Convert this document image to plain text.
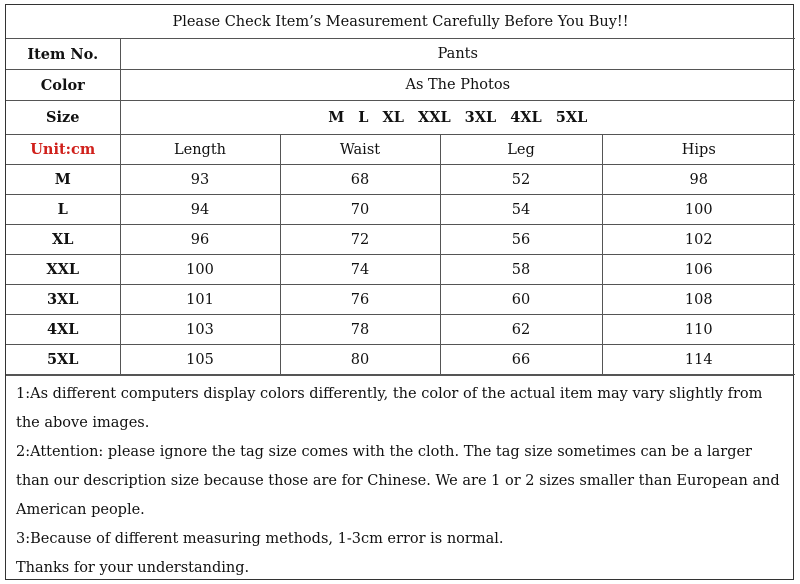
Please Check Item’s Measurement Carefully Before You Buy!!				
Item No.	Pants			
Color	As The Photos			
Size	M L XL XXL 3XL 4XL 5XL			
Unit:cm	Length	Waist	Leg	Hips
M	93	68	52	98
L	94	70	54	100
XL	96	72	56	102
XXL	100	74	58	106
3XL	101	76	60	108
4XL	103	78	62	110
5XL	105	80	66	114

1:As different computers display colors differently, the color of the actual item may vary slightly from the above images.

2:Attention: please ignore the tag size comes with the cloth. The tag size sometimes can be a larger than our description size because those are for Chinese. We are 1 or 2 sizes smaller than European and American people.

3:Because of different measuring methods, 1-3cm error is normal.

Thanks for your understanding.
